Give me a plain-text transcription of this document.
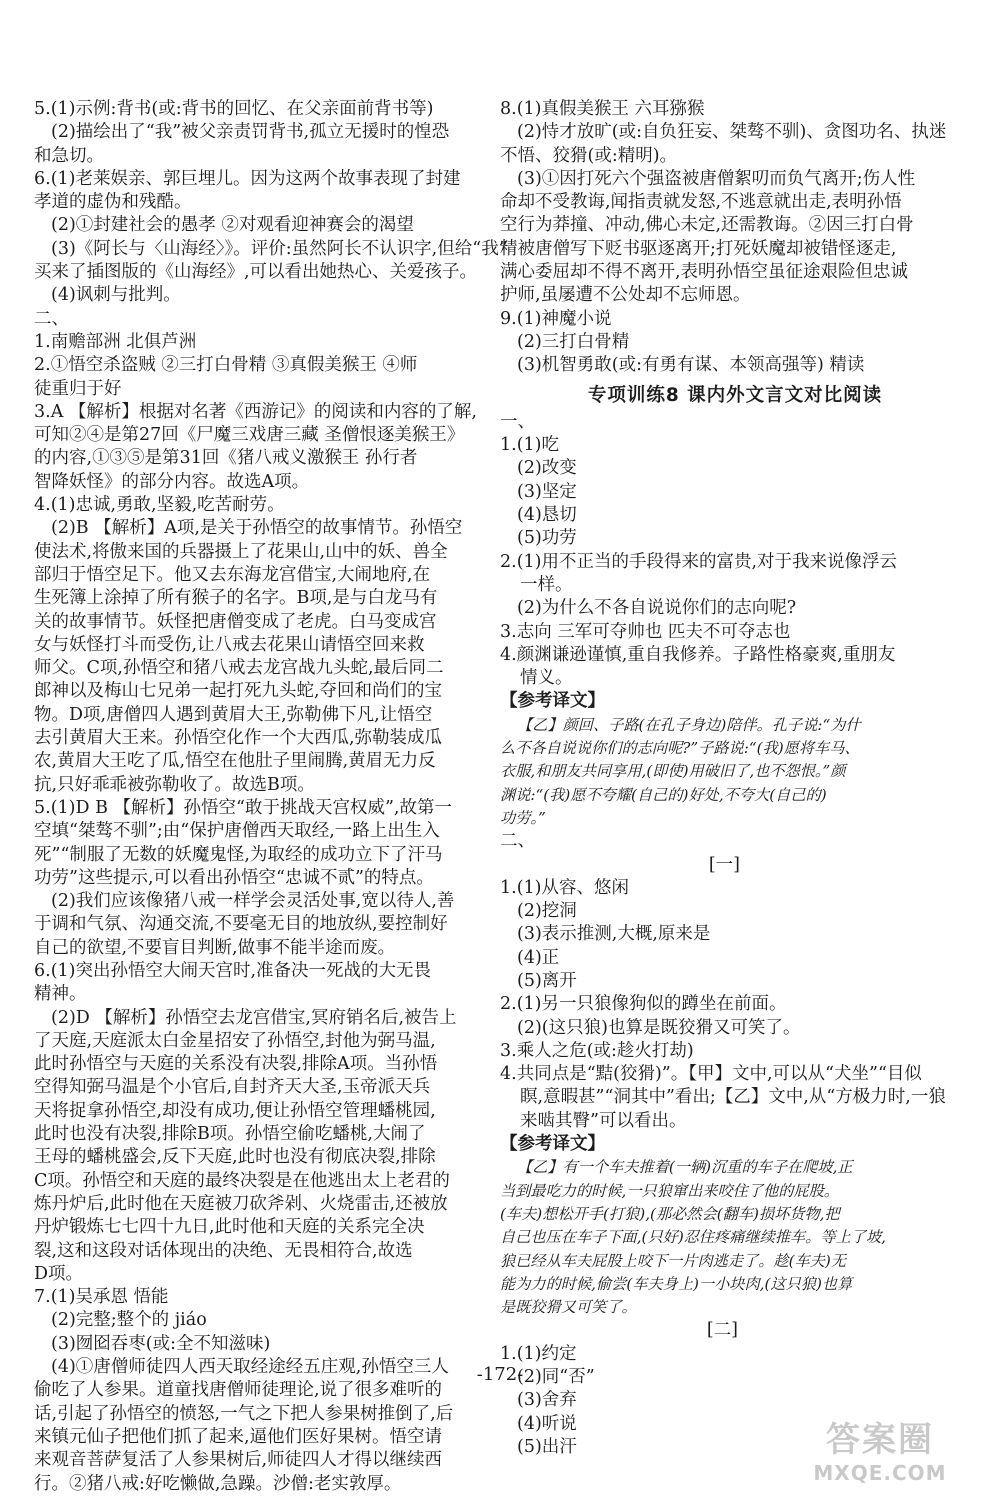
5.(1)示例:背书(或:背书的回忆、在父亲面前背书等)
(2)描绘出了“我”被父亲责罚背书,孤立无援时的惶恐
和急切。
6.(1)老莱娱亲、郭巨埋儿。因为这两个故事表现了封建
孝道的虚伪和残酷。
(2)①封建社会的愚孝 ②对观看迎神赛会的渴望
(3)《阿长与〈山海经〉》。评价:虽然阿长不认识字,但给“我”
买来了插图版的《山海经》,可以看出她热心、关爱孩子。
(4)讽刺与批判。
二、
1.南赡部洲 北俱芦洲
2.①悟空杀盗贼 ②三打白骨精 ③真假美猴王 ④师
徒重归于好
3.A 【解析】根据对名著《西游记》的阅读和内容的了解,
可知②④是第27回《尸魔三戏唐三藏 圣僧恨逐美猴王》
的内容,①③⑤是第31回《猪八戒义激猴王 孙行者
智降妖怪》的部分内容。故选A项。
4.(1)忠诚,勇敢,坚毅,吃苦耐劳。
(2)B 【解析】A项,是关于孙悟空的故事情节。孙悟空
使法术,将傲来国的兵器摄上了花果山,山中的妖、兽全
部归于悟空足下。他又去东海龙宫借宝,大闹地府,在
生死簿上涂掉了所有猴子的名字。B项,是与白龙马有
关的故事情节。妖怪把唐僧变成了老虎。白马变成宫
女与妖怪打斗而受伤,让八戒去花果山请悟空回来救
师父。C项,孙悟空和猪八戒去龙宫战九头蛇,最后同二
郎神以及梅山七兄弟一起打死九头蛇,夺回和尚们的宝
物。D项,唐僧四人遇到黄眉大王,弥勒佛下凡,让悟空
去引黄眉大王来。孙悟空化作一个大西瓜,弥勒装成瓜
农,黄眉大王吃了瓜,悟空在他肚子里闹腾,黄眉无力反
抗,只好乖乖被弥勒收了。故选B项。
5.(1)D B 【解析】孙悟空“敢于挑战天宫权威”,故第一
空填“桀骜不驯”;由“保护唐僧西天取经,一路上出生入
死”“制服了无数的妖魔鬼怪,为取经的成功立下了汗马
功劳”这些提示,可以看出孙悟空“忠诚不贰”的特点。
(2)我们应该像猪八戒一样学会灵活处事,宽以待人,善
于调和气氛、沟通交流,不要毫无目的地放纵,要控制好
自己的欲望,不要盲目判断,做事不能半途而废。
6.(1)突出孙悟空大闹天宫时,准备决一死战的大无畏
精神。
(2)D 【解析】孙悟空去龙宫借宝,冥府销名后,被告上
了天庭,天庭派太白金星招安了孙悟空,封他为弼马温,
此时孙悟空与天庭的关系没有决裂,排除A项。当孙悟
空得知弼马温是个小官后,自封齐天大圣,玉帝派天兵
天将捉拿孙悟空,却没有成功,便让孙悟空管理蟠桃园,
此时也没有决裂,排除B项。孙悟空偷吃蟠桃,大闹了
王母的蟠桃盛会,反下天庭,此时也没有彻底决裂,排除
C项。孙悟空和天庭的最终决裂是在他逃出太上老君的
炼丹炉后,此时他在天庭被刀砍斧剁、火烧雷击,还被放
丹炉锻炼七七四十九日,此时他和天庭的关系完全决
裂,这和这段对话体现出的决绝、无畏相符合,故选
D项。
7.(1)吴承恩 悟能
(2)完整;整个的 jiáo
(3)囫囵吞枣(或:全不知滋味)
(4)①唐僧师徒四人西天取经途经五庄观,孙悟空三人
偷吃了人参果。道童找唐僧师徒理论,说了很多难听的
话,引起了孙悟空的愤怒,一气之下把人参果树推倒了,后
来镇元仙子把他们抓了起来,逼他们医好果树。悟空请
来观音菩萨复活了人参果树后,师徒四人才得以继续西
行。②猪八戒:好吃懒做,急躁。沙僧:老实敦厚。
8.(1)真假美猴王 六耳猕猴
(2)恃才放旷(或:自负狂妄、桀骜不驯)、贪图功名、执迷
不悟、狡猾(或:精明)。
(3)①因打死六个强盗被唐僧絮叨而负气离开;伤人性
命却不受教诲,闻指责就发怒,不逃意就出走,表明孙悟
空行为莽撞、冲动,佛心未定,还需教诲。②因三打白骨
精被唐僧写下贬书驱逐离开;打死妖魔却被错怪逐走,
满心委屈却不得不离开,表明孙悟空虽征途艰险但忠诚
护师,虽屡遭不公处却不忘师恩。
9.(1)神魔小说
(2)三打白骨精
(3)机智勇敢(或:有勇有谋、本领高强等) 精读
专项训练8 课内外文言文对比阅读
一、
1.(1)吃
(2)改变
(3)坚定
(4)恳切
(5)功劳
2.(1)用不正当的手段得来的富贵,对于我来说像浮云
一样。
(2)为什么不各自说说你们的志向呢?
3.志向 三军可夺帅也 匹夫不可夺志也
4.颜渊谦逊谨慎,重自我修养。子路性格豪爽,重朋友
情义。
【参考译文】
【乙】颜回、子路(在孔子身边)陪伴。孔子说:“为什
么不各自说说你们的志向呢?”子路说:“(我)愿将车马、
衣服,和朋友共同享用,(即使)用破旧了,也不怨恨。”颜
渊说:“(我)愿不夸耀(自己的)好处,不夸大(自己的)
功劳。”
二、
[一]
1.(1)从容、悠闲
(2)挖洞
(3)表示推测,大概,原来是
(4)正
(5)离开
2.(1)另一只狼像狗似的蹲坐在前面。
(2)(这只狼)也算是既狡猾又可笑了。
3.乘人之危(或:趁火打劫)
4.共同点是“黠(狡猾)”。【甲】文中,可以从“犬坐”“目似
瞑,意暇甚”“洞其中”看出;【乙】文中,从“方极力时,一狼
来啮其臀”可以看出。
【参考译文】
【乙】有一个车夫推着(一辆)沉重的车子在爬坡,正
当到最吃力的时候,一只狼窜出来咬住了他的屁股。
(车夫)想松开手(打狼),(那必然会(翻车)损坏货物,把
自己也压在车子下面,(只好)忍住疼痛继续推车。等上了坡,
狼已经从车夫屁股上咬下一片肉逃走了。趁(车夫)无
能为力的时候,偷尝(车夫身上)一小块肉,(这只狼)也算
是既狡猾又可笑了。
[二]
1.(1)约定
(2)同“否”
(3)舍弃
(4)听说
(5)出汗
-172-
答案圈
MXQE.COM
